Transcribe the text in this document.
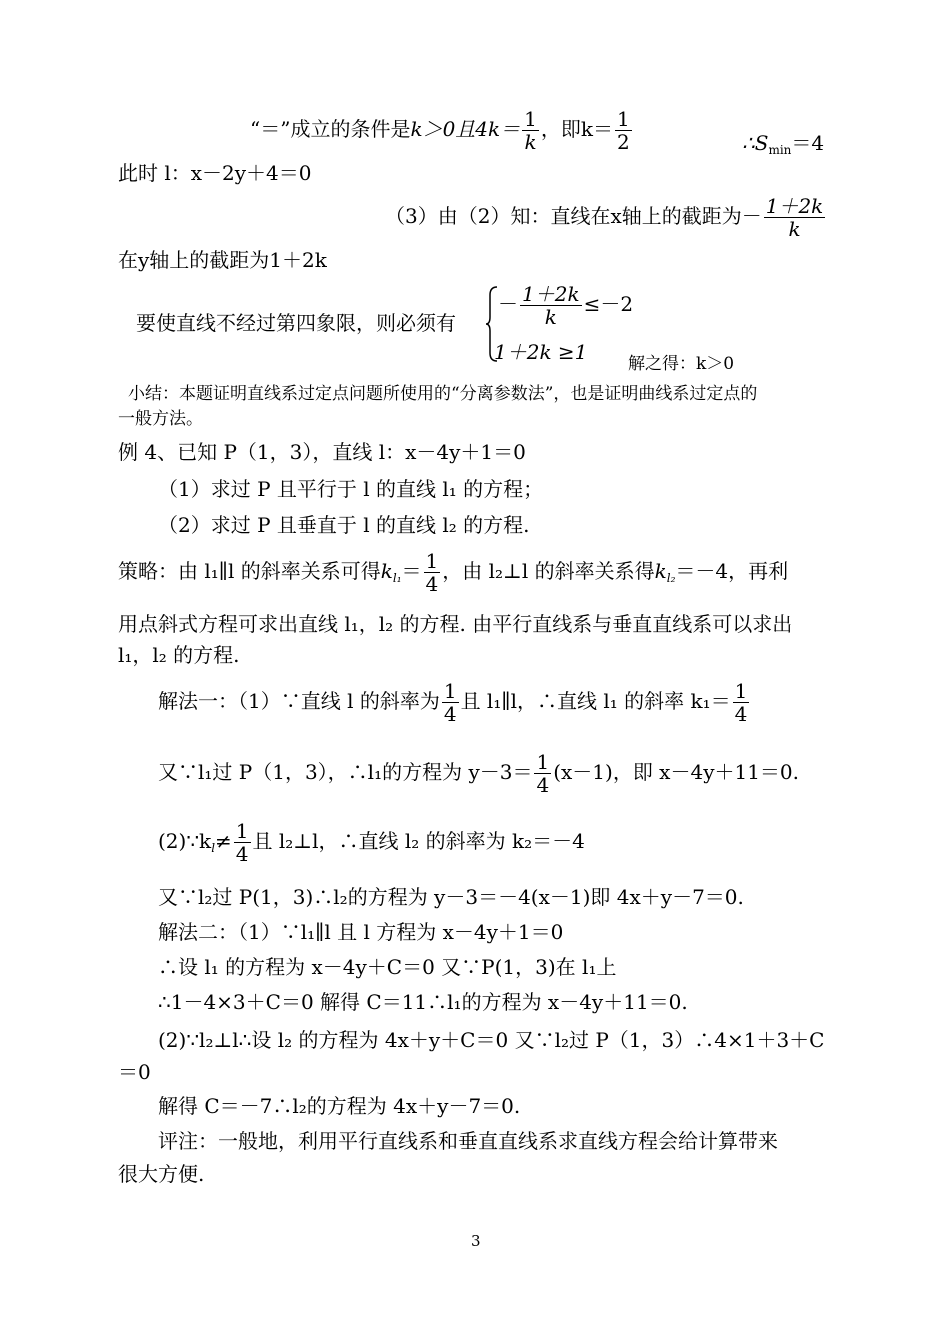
“＝”成立的条件是k＞0且$4k= \frac{1}{k}$ ，即$k= \frac{1}{2}$	$\therefore S_{min}=4$
此时 l：x－2y＋4＝0
（3）由（2）知：直线在x轴上的截距为－ $\frac{1+2k}{k}$
在y轴上的截距为1＋2k
要使直线不经过第四象限，则必须有
－ $\frac{1+2k}{k} \le-2$
1＋2k ≥1 解之得：k＞0
小结：本题证明直线系过定点问题所使用的“分离参数法”，也是证明曲线系过定点的
一般方法。
例 4、已知 P（1，3），直线 l：x－4y＋1＝0
（1）求过 P 且平行于 l 的直线 l₁ 的方程；
（2）求过 P 且垂直于 l 的直线 l₂ 的方程.
策略：由 l₁∥l 的斜率关系可得$k_{l_1}= \frac{1}{4}$ ，由 l₂⊥l 的斜率关系得$k_{l_2}=-4$，再利
用点斜式方程可求出直线 l₁，l₂ 的方程. 由平行直线系与垂直直线系可以求出
l₁，l₂ 的方程.
解法一：（1）∵直线 l 的斜率为 $\frac{1}{4}$ 且 l₁∥l，∴直线 l₁ 的斜率 $k_1= \frac{1}{4}$
又∵l₁过 P（1，3），∴l₁的方程为 $y-3= \frac{1}{4} (x-1)$，即 x－4y＋11＝0.
$(2)\because k_l\ne \frac{1}{4}$ 且 l₂⊥l，∴直线 l₂ 的斜率为 k₂＝－4
又∵l₂过 P(1，3)∴l₂的方程为 y－3＝－4(x－1)即 4x＋y－7＝0.
解法二：（1）∵l₁∥l 且 l 方程为 x－4y＋1＝0
∴设 l₁ 的方程为 x－4y＋C＝0 又∵P(1，3)在 l₁上
∴1－4×3＋C＝0 解得 C＝11∴l₁的方程为 x－4y＋11＝0.
(2)∵l₂⊥l∴设 l₂ 的方程为 4x＋y＋C＝0 又∵l₂过 P（1，3）∴4×1＋3＋C
＝0
解得 C＝－7∴l₂的方程为 4x＋y－7＝0.
评注：一般地，利用平行直线系和垂直直线系求直线方程会给计算带来
很大方便.
3
